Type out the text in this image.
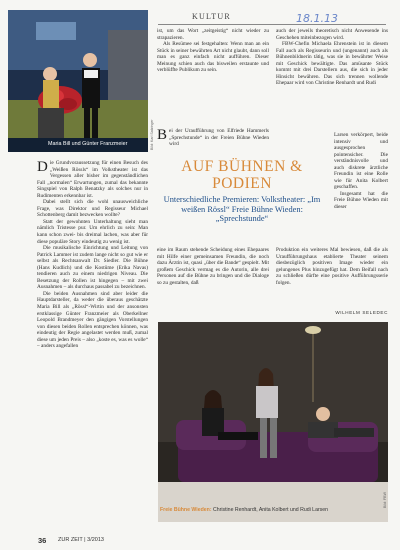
KULTUR	18.1.13
Maria Bill und Günter Franzmeier	Bild: Karl Satzinger

Die Grundvoraussetzung für einen Besuch des „Weißen Rössls“ im Volkstheater ist das Vergessen aller bisher im gegenständlichen Fall „normalen“ Erwartungen, zumal das bekannte Singspiel von Ralph Benatzky als solches nur in Rudimenten erkennbar ist.

Dabei stellt sich die wohl unausweichliche Frage, was Direktor und Regisseur Michael Schottenberg damit bezwecken wollte?

Statt der gewohnten Unterhaltung sieht man nämlich Tristesse pur. Um ehrlich zu sein: Man kann schon zwei- bis dreimal lachen, was aber für diese populäre Story eindeutig zu wenig ist.

Die musikalische Einrichtung und Leitung von Patrick Lammer ist zudem lange nicht so gut wie er selbst als Rechtsanwalt Dr. Siedler. Die Bühne (Hans Kudlich) und die Kostüme (Erika Navas) tendieren auch zu einem niedrigen Niveau. Die Besetzung der Rollen ist hingegen – mit zwei Ausnahmen – als durchaus passabel zu bezeichnen.

Die beiden Ausnahmen sind aber leider die Hauptdarsteller, da weder die überaus geschätzte Maria Bill als „Rössl“-Wirtin und der ansonsten erstklassige Günter Franzmeier als Oberkellner Leopold Brandmeyer den gängigen Vorstellungen von diesen beiden Rollen entsprechen können, was eindeutig der Regie angelastet werden muß, zumal diese um jeden Preis – also „koste es, was es wolle“ – anders angefallen

ist, um das Wort „zeitgeistig“ nicht wieder zu strapazieren.

Als Resümee sei festgehalten: Wenn man an ein Stück in seiner bewährten Art nicht glaubt, dann soll man es ganz einfach nicht aufführen. Dieser Meinung schien auch das bisweilen erstaunte und verblüffte Publikum zu sein.

Bei der Uraufführung von Elfriede Hammerls „Sprechstunde“ in der Freien Bühne Wieden wird

auch der jeweils theoretisch nicht Anwesende ins Geschehen miteinbezogen wird.

FBW-Chefin Michaela Ehrenstein ist in diesem Fall auch als Regisseurin und (ungenannt) auch als Bühnenbildnerin tätig, was sie in bewährter Weise mit Geschick bewältigte. Das amüsante Stück kommt mit drei Darstellern aus, die sich in jeder Hinsicht bewähren. Das sich trennen wollende Ehepaar wird von Christine Renhardt und Rudi

AUF BÜHNEN & PODIEN
Unterschiedliche Premieren: Volkstheater: „Im weißen Rössl“ Freie Bühne Wieden: „Sprechstunde“

Larsen verkörpert, beide intensiv und ausgesprochen pointensicher. Die verständnisvolle und auch diskrete ärztliche Freundin ist eine Rolle wie für Anita Kolbert geschaffen.

Insgesamt hat die Freie Bühne Wieden mit dieser

eine im Raum stehende Scheidung eines Ehepaares mit Hilfe einer gemeinsamen Freundin, die noch dazu Ärztin ist, quasi „über die Bande“ gespielt. Mit großem Geschick vermag es die Autorin, alle drei Personen auf die Bühne zu bringen und die Dialoge so zu gestalten, daß

Produktion ein weiteres Mal bewiesen, daß die als Uraufführungshaus etablierte Theater seinem diesbezüglich positiven Image wieder ein gelungenes Plus hinzugefügt hat. Dem Beifall nach zu schließen dürfte eine positive Aufführungsserie folgen.

WILHELM SELEDEC
Freie Bühne Wieden: Christine Renhardt, Anita Kolbert und Rudi Larsen
Bild: FBW
36 ZUR ZEIT | 3/2013
